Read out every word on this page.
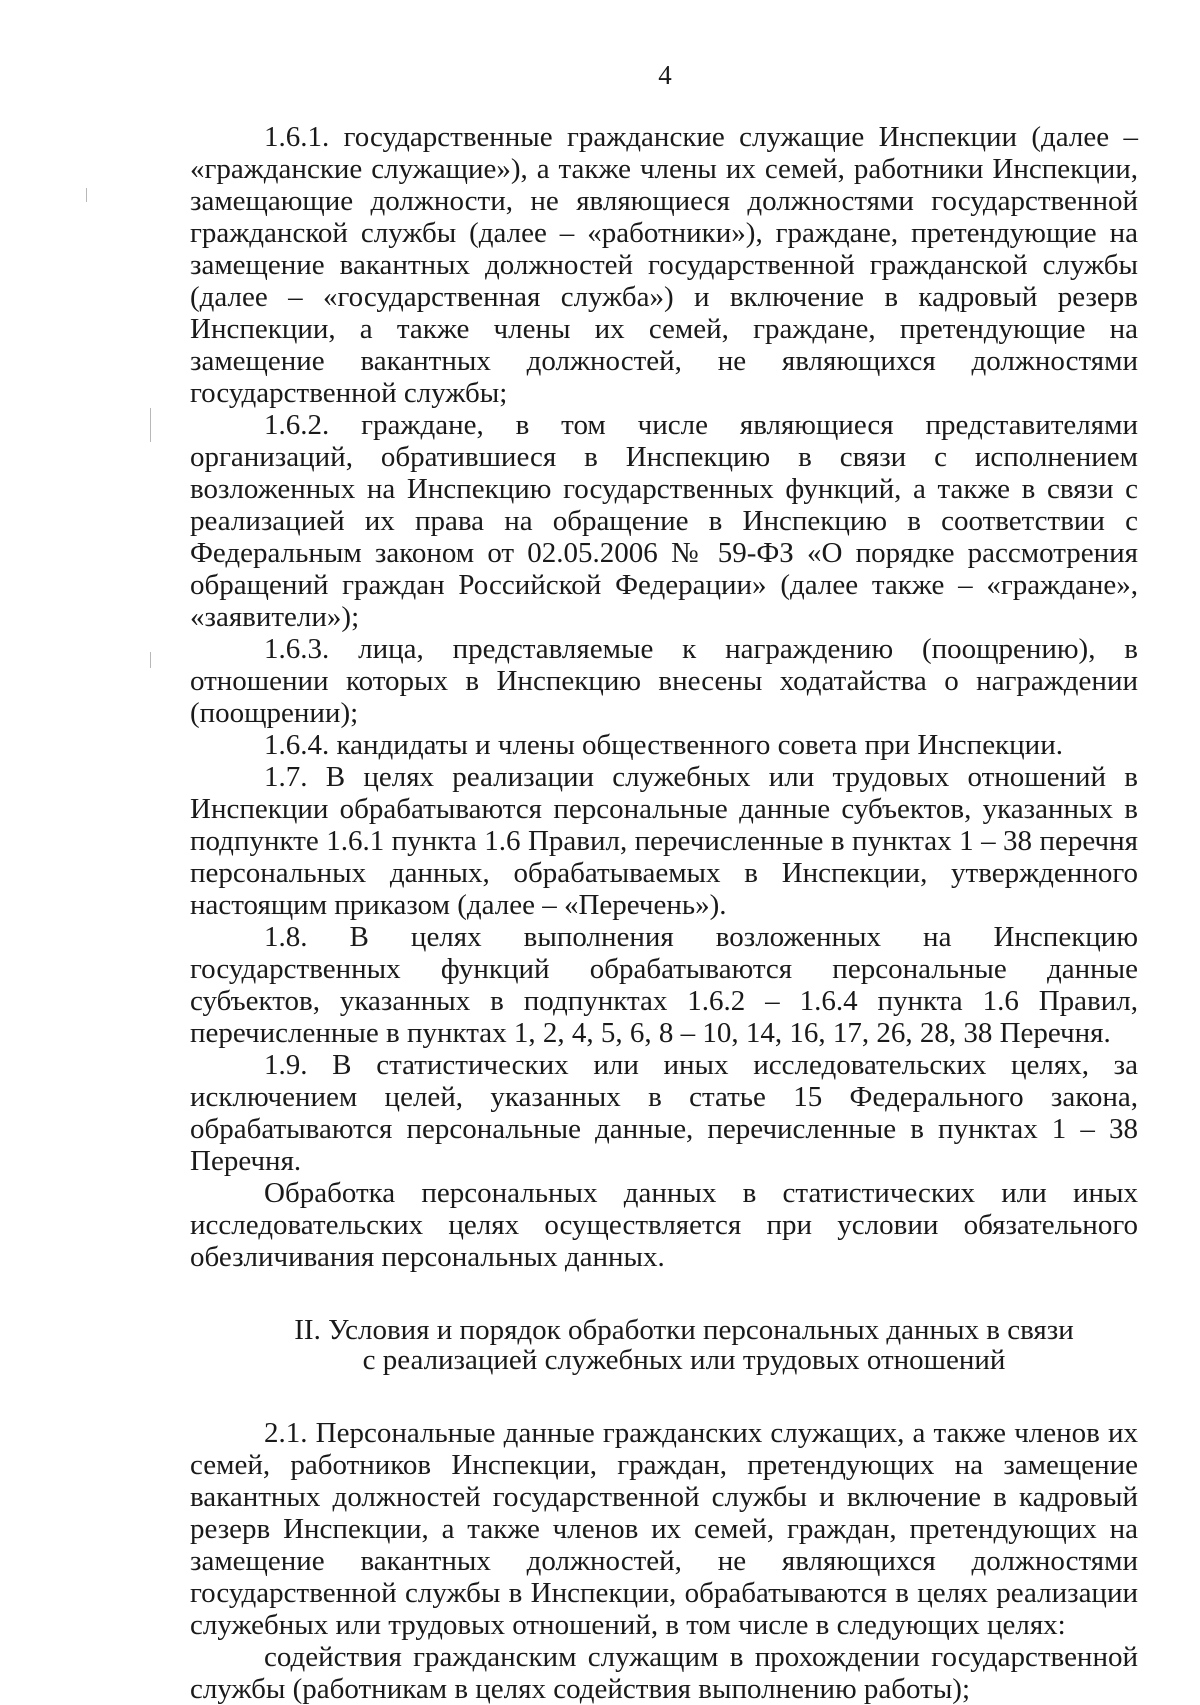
4

1.6.1. государственные гражданские служащие Инспекции (далее – «гражданские служащие»), а также члены их семей, работники Инспекции, замещающие должности, не являющиеся должностями государственной гражданской службы (далее – «работники»), граждане, претендующие на замещение вакантных должностей государственной гражданской службы (далее – «государственная служба») и включение в кадровый резерв Инспекции, а также члены их семей, граждане, претендующие на замещение вакантных должностей, не являющихся должностями государственной службы;

1.6.2. граждане, в том числе являющиеся представителями организаций, обратившиеся в Инспекцию в связи с исполнением возложенных на Инспекцию государственных функций, а также в связи с реализацией их права на обращение в Инспекцию в соответствии с Федеральным законом от 02.05.2006 № 59-ФЗ «О порядке рассмотрения обращений граждан Российской Федерации» (далее также – «граждане», «заявители»);

1.6.3. лица, представляемые к награждению (поощрению), в отношении которых в Инспекцию внесены ходатайства о награждении (поощрении);

1.6.4. кандидаты и члены общественного совета при Инспекции.

1.7. В целях реализации служебных или трудовых отношений в Инспекции обрабатываются персональные данные субъектов, указанных в подпункте 1.6.1 пункта 1.6 Правил, перечисленные в пунктах 1 – 38 перечня персональных данных, обрабатываемых в Инспекции, утвержденного настоящим приказом (далее – «Перечень»).

1.8. В целях выполнения возложенных на Инспекцию государственных функций обрабатываются персональные данные субъектов, указанных в подпунктах 1.6.2 – 1.6.4 пункта 1.6 Правил, перечисленные в пунктах 1, 2, 4, 5, 6, 8 – 10, 14, 16, 17, 26, 28, 38 Перечня.

1.9. В статистических или иных исследовательских целях, за исключением целей, указанных в статье 15 Федерального закона, обрабатываются персональные данные, перечисленные в пунктах 1 – 38 Перечня.

Обработка персональных данных в статистических или иных исследовательских целях осуществляется при условии обязательного обезличивания персональных данных.

II. Условия и порядок обработки персональных данных в связи
с реализацией служебных или трудовых отношений

2.1. Персональные данные гражданских служащих, а также членов их семей, работников Инспекции, граждан, претендующих на замещение вакантных должностей государственной службы и включение в кадровый резерв Инспекции, а также членов их семей, граждан, претендующих на замещение вакантных должностей, не являющихся должностями государственной службы в Инспекции, обрабатываются в целях реализации служебных или трудовых отношений, в том числе в следующих целях:

содействия гражданским служащим в прохождении государственной службы (работникам в целях содействия выполнению работы);
